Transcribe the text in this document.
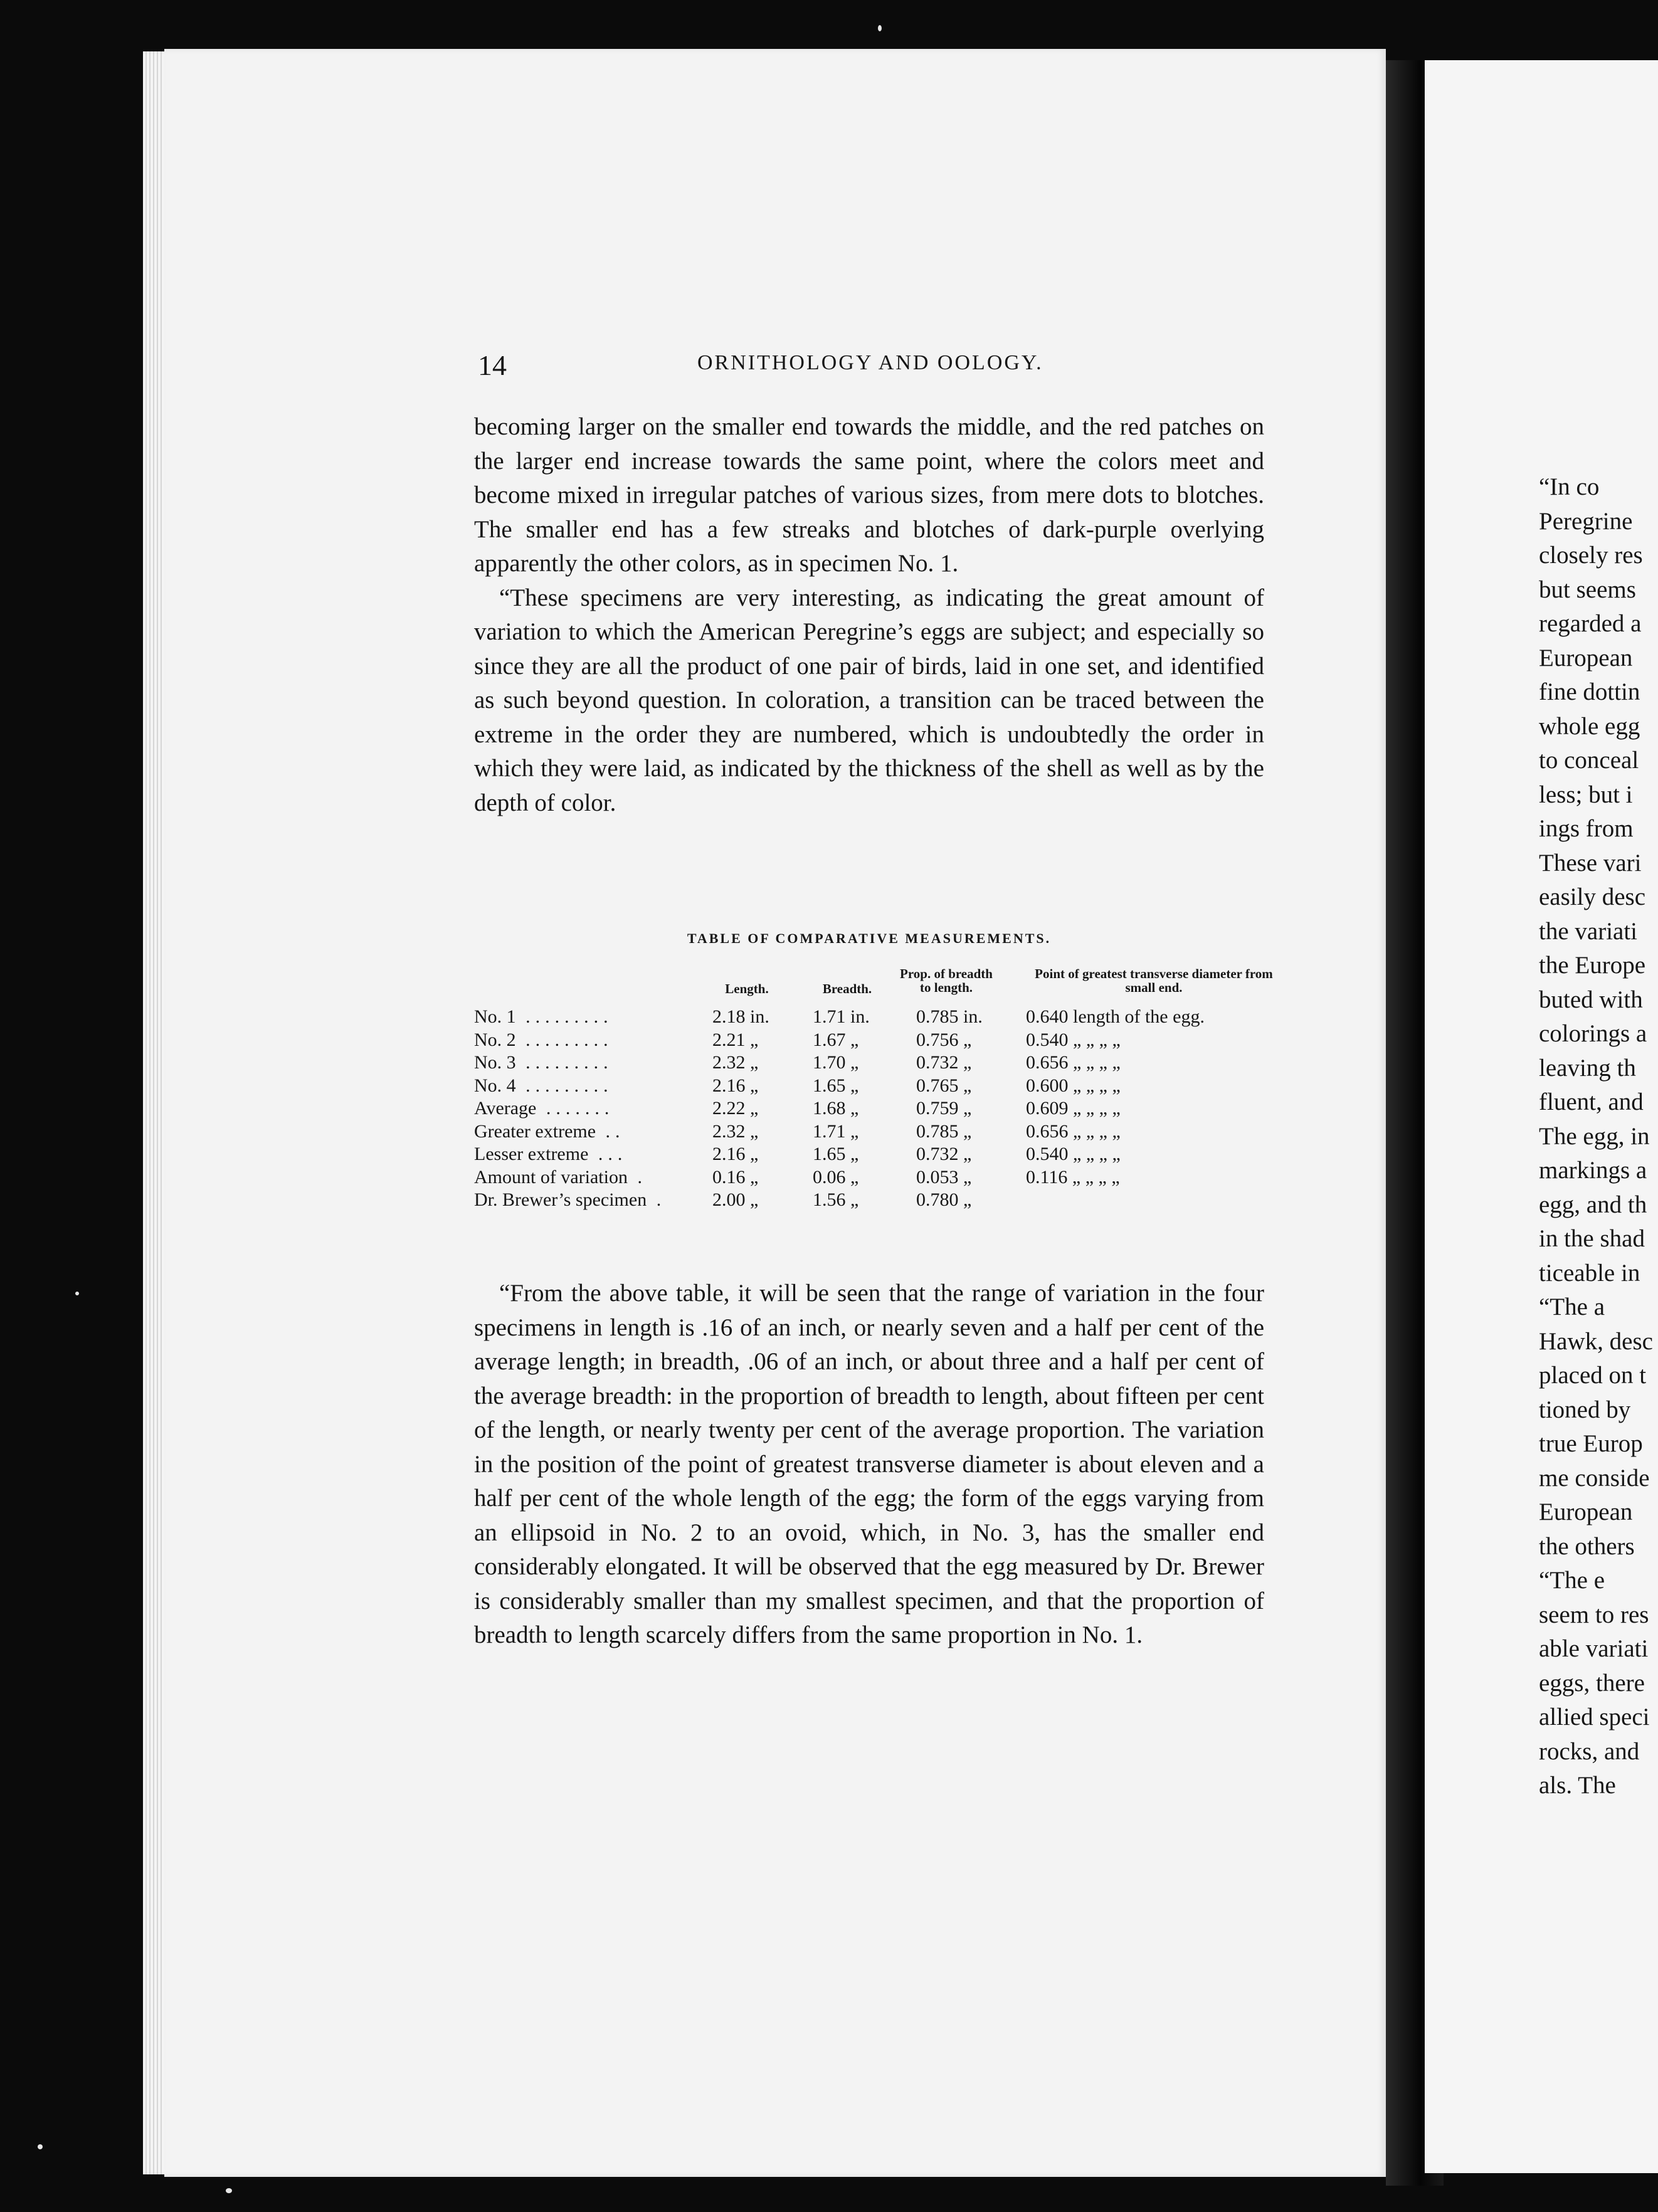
“In co
Peregrine
closely res
but seems
regarded a
European
fine dottin
whole egg
to conceal
less; but i
ings from
These vari
easily desc
the variati
the Europe
buted with
colorings a
leaving th
fluent, and
The egg, in
markings a
egg, and th
in the shad
ticeable in
“The a
Hawk, desc
placed on t
tioned by
true Europ
me conside
European
the others
“The e
seem to res
able variati
eggs, there
allied speci
rocks, and
als. The
14	ORNITHOLOGY AND OOLOGY.

becoming larger on the smaller end towards the middle, and the red patches on the larger end increase towards the same point, where the colors meet and become mixed in irregular patches of various sizes, from mere dots to blotches. The smaller end has a few streaks and blotches of dark-purple overlying apparently the other colors, as in specimen No. 1.

“These specimens are very interesting, as indicating the great amount of variation to which the American Peregrine’s eggs are subject; and especially so since they are all the product of one pair of birds, laid in one set, and identified as such beyond question. In coloration, a transition can be traced between the extreme in the order they are numbered, which is undoubtedly the order in which they were laid, as indicated by the thickness of the shell as well as by the depth of color.

TABLE OF COMPARATIVE MEASUREMENTS.
Length.	Breadth.
Prop. of breadth to length.
Point of greatest transverse diameter from small end.
No. 1 .........	2.18 in.	1.71 in.	0.785 in.	0.640 length of the egg.
No. 2 .........	2.21 „	1.67 „	0.756 „	0.540 „ „ „ „
No. 3 .........	2.32 „	1.70 „	0.732 „	0.656 „ „ „ „
No. 4 .........	2.16 „	1.65 „	0.765 „	0.600 „ „ „ „
Average .......	2.22 „	1.68 „	0.759 „	0.609 „ „ „ „
Greater extreme ..	2.32 „	1.71 „	0.785 „	0.656 „ „ „ „
Lesser extreme ...	2.16 „	1.65 „	0.732 „	0.540 „ „ „ „
Amount of variation .	0.16 „	0.06 „	0.053 „	0.116 „ „ „ „
Dr. Brewer’s specimen .	2.00 „	1.56 „	0.780 „	

“From the above table, it will be seen that the range of variation in the four specimens in length is .16 of an inch, or nearly seven and a half per cent of the average length; in breadth, .06 of an inch, or about three and a half per cent of the average breadth: in the proportion of breadth to length, about fifteen per cent of the length, or nearly twenty per cent of the average proportion. The variation in the position of the point of greatest transverse diameter is about eleven and a half per cent of the whole length of the egg; the form of the eggs varying from an ellipsoid in No. 2 to an ovoid, which, in No. 3, has the smaller end considerably elongated. It will be observed that the egg measured by Dr. Brewer is considerably smaller than my smallest specimen, and that the proportion of breadth to length scarcely differs from the same proportion in No. 1.
